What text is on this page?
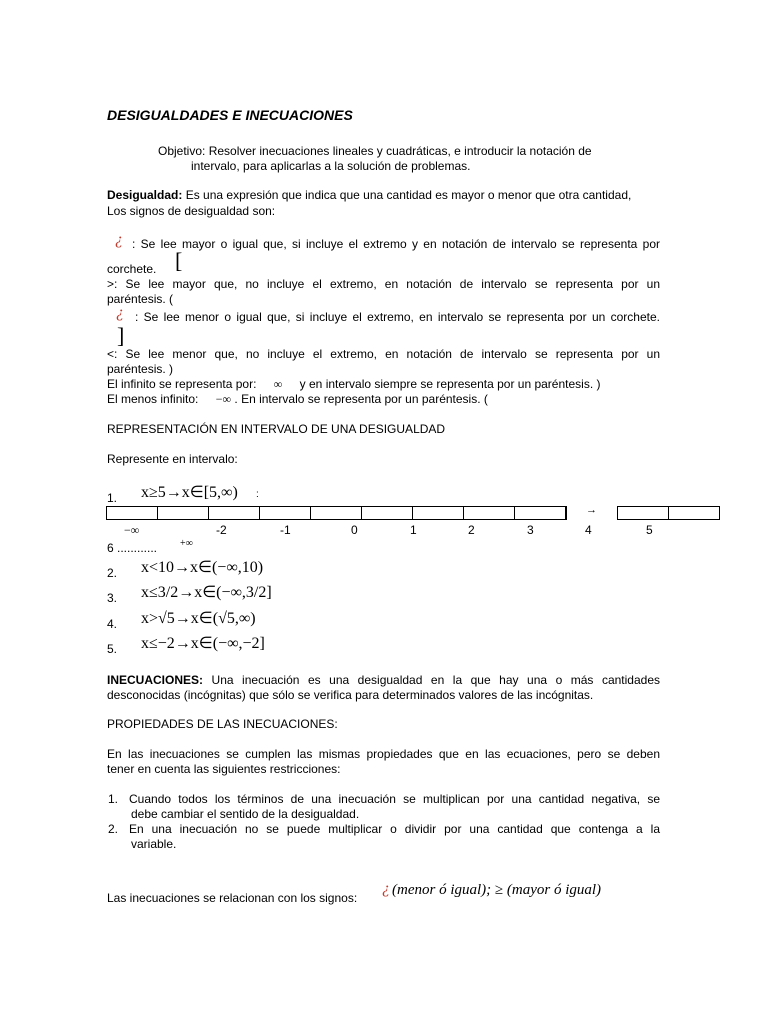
DESIGUALDADES E INECUACIONES
Objetivo: Resolver inecuaciones lineales y cuadráticas, e introducir la notación de
intervalo, para aplicarlas a la solución de problemas.
Desigualdad: Es una expresión que indica que una cantidad es mayor o menor que otra cantidad,
Los signos de desigualdad son:
¿ : Se lee mayor o igual que, si incluye el extremo y en notación de intervalo se representa por
corchete. [
>: Se lee mayor que, no incluye el extremo, en notación de intervalo se representa por un
paréntesis. (
¿ : Se lee menor o igual que, si incluye el extremo, en intervalo se representa por un corchete.
]
<: Se lee menor que, no incluye el extremo, en notación de intervalo se representa por un
paréntesis. )
El infinito se representa por: ∞ y en intervalo siempre se representa por un paréntesis. )
El menos infinito: −∞ . En intervalo se representa por un paréntesis. (
REPRESENTACIÓN EN INTERVALO DE UNA DESIGUALDAD
Represente en intervalo:
1. x≥5→x∈[5,∞) :
→
−∞	-2	-1	0	1	2	3	4	5
6 ............ +∞
2. x<10→x∈(−∞,10)
3. x≤3/2→x∈(−∞,3/2]
4. x>√5→x∈(√5,∞)
5. x≤−2→x∈(−∞,−2]
INECUACIONES: Una inecuación es una desigualdad en la que hay una o más cantidades
desconocidas (incógnitas) que sólo se verifica para determinados valores de las incógnitas.
PROPIEDADES DE LAS INECUACIONES:
En las inecuaciones se cumplen las mismas propiedades que en las ecuaciones, pero se deben
tener en cuenta las siguientes restricciones:
1. Cuando todos los términos de una inecuación se multiplican por una cantidad negativa, se
debe cambiar el sentido de la desigualdad.
2. En una inecuación no se puede multiplicar o dividir por una cantidad que contenga a la
variable.
Las inecuaciones se relacionan con los signos:
¿ (menor ó igual); ≥ (mayor ó igual)
